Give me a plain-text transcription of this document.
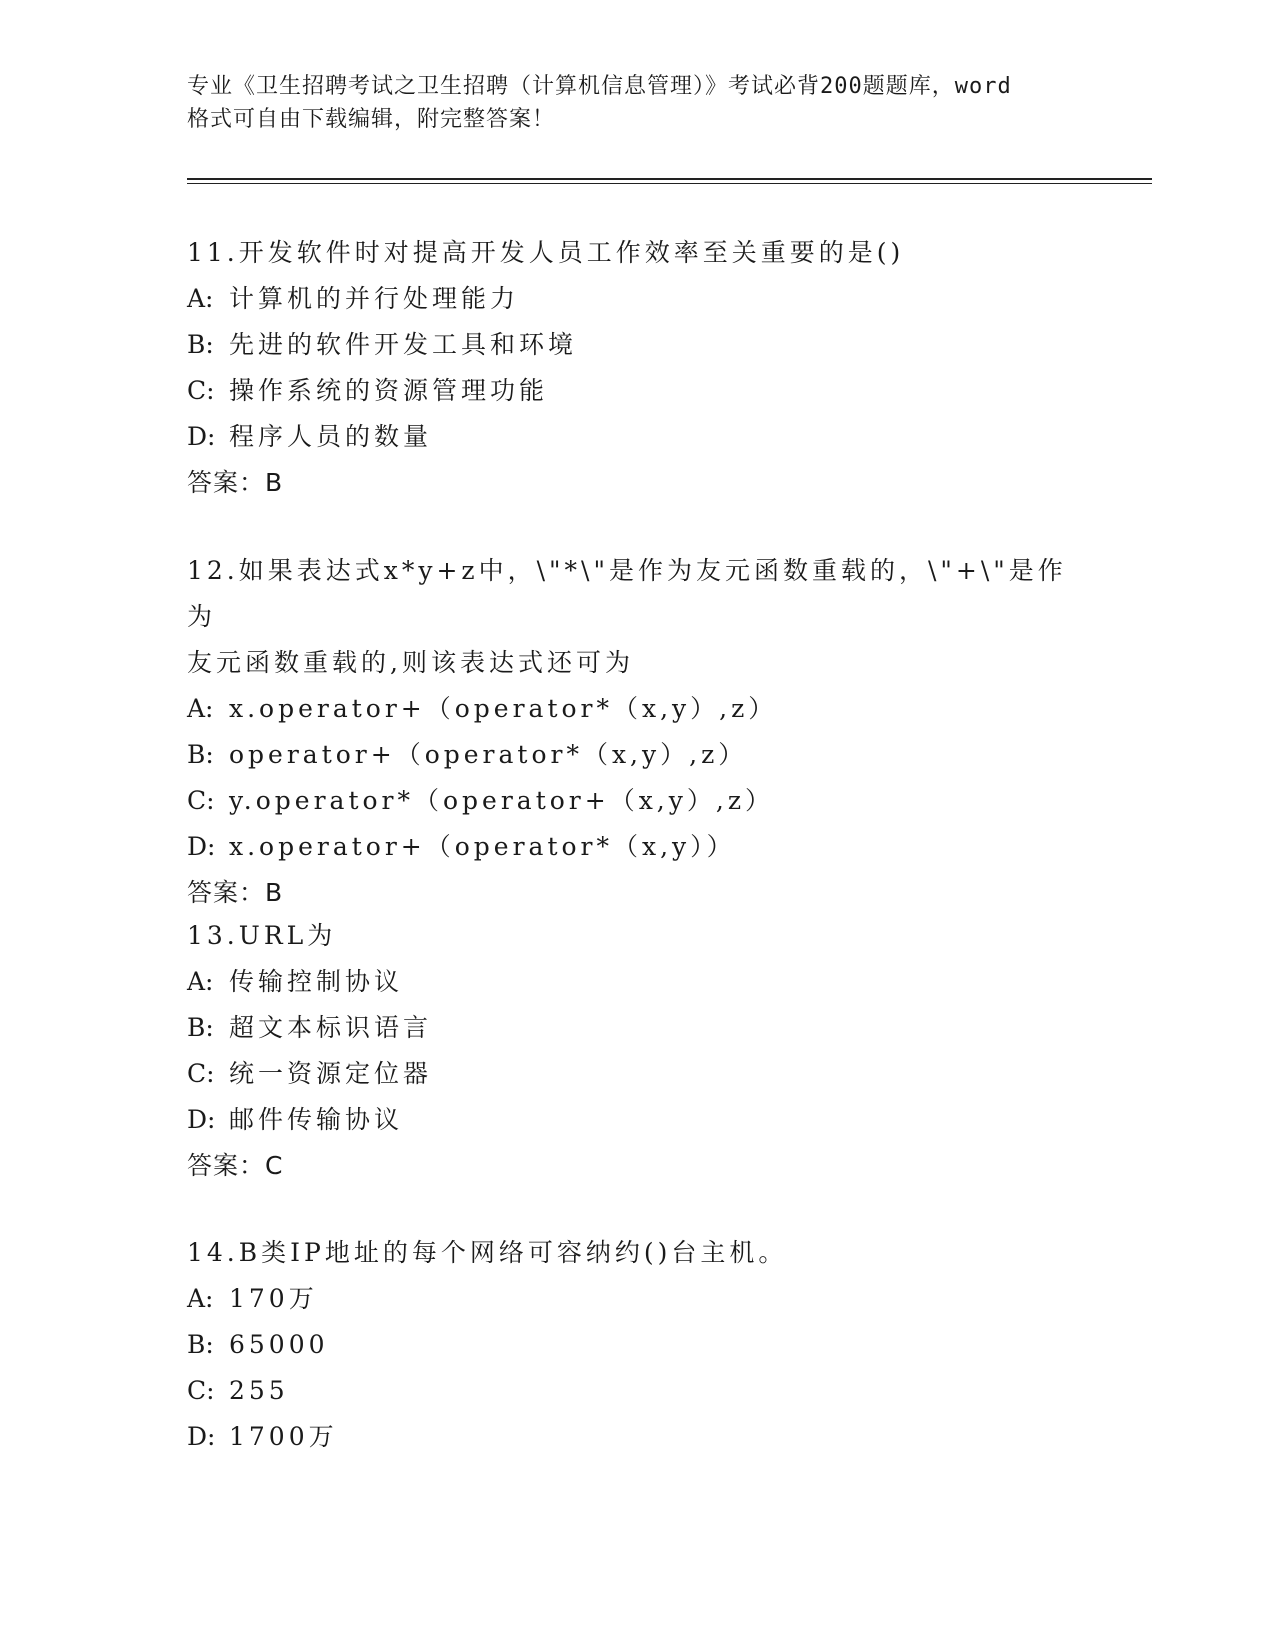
专业《卫生招聘考试之卫生招聘（计算机信息管理）》考试必背200题题库，word
格式可自由下载编辑，附完整答案！
11.开发软件时对提高开发人员工作效率至关重要的是()
A: 计算机的并行处理能力
B: 先进的软件开发工具和环境
C: 操作系统的资源管理功能
D: 程序人员的数量
答案：B
12.如果表达式x*y+z中，\"*\"是作为友元函数重载的，\"+\"是作为
友元函数重载的,则该表达式还可为
A: x.operator+（operator*（x,y）,z）
B: operator+（operator*（x,y）,z）
C: y.operator*（operator+（x,y）,z）
D: x.operator+（operator*（x,y））
答案：B
13.URL为
A: 传输控制协议
B: 超文本标识语言
C: 统一资源定位器
D: 邮件传输协议
答案：C
14.B类IP地址的每个网络可容纳约()台主机。
A: 170万
B: 65000
C: 255
D: 1700万
